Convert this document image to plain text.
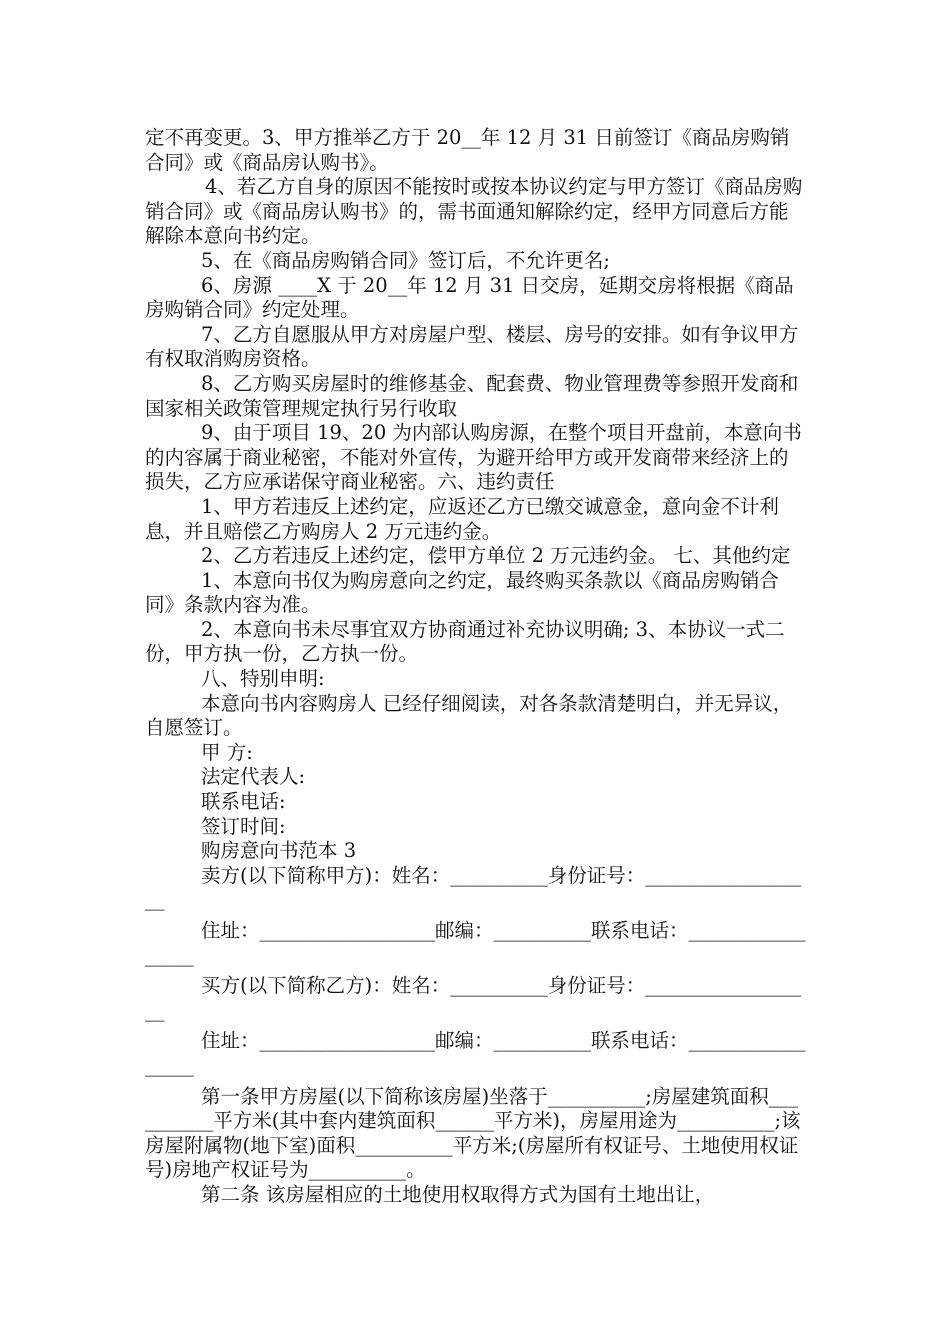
定不再变更。3、甲方推举乙方于 20__年 12 月 31 日前签订《商品房购销合同》或《商品房认购书》。

4、若乙方自身的原因不能按时或按本协议约定与甲方签订《商品房购销合同》或《商品房认购书》的，需书面通知解除约定，经甲方同意后方能解除本意向书约定。

5、在《商品房购销合同》签订后，不允许更名;

6、房源 ____X 于 20__年 12 月 31 日交房，延期交房将根据《商品房购销合同》约定处理。

7、乙方自愿服从甲方对房屋户型、楼层、房号的安排。如有争议甲方有权取消购房资格。

8、乙方购买房屋时的维修基金、配套费、物业管理费等参照开发商和国家相关政策管理规定执行另行收取

9、由于项目 19、20 为内部认购房源，在整个项目开盘前，本意向书的内容属于商业秘密，不能对外宣传，为避开给甲方或开发商带来经济上的损失，乙方应承诺保守商业秘密。六、违约责任

1、甲方若违反上述约定，应返还乙方已缴交诚意金，意向金不计利息，并且赔偿乙方购房人 2 万元违约金。

2、乙方若违反上述约定，偿甲方单位 2 万元违约金。 七、其他约定

1、本意向书仅为购房意向之约定，最终购买条款以《商品房购销合同》条款内容为准。

2、本意向书未尽事宜双方协商通过补充协议明确; 3、本协议一式二份，甲方执一份，乙方执一份。

八、特别申明:

本意向书内容购房人 已经仔细阅读，对各条款清楚明白，并无异议，自愿签订。

甲 方:

法定代表人:

联系电话:

签订时间:

购房意向书范本 3

卖方(以下简称甲方)：姓名：__________身份证号：__________________

住址：__________________邮编：__________联系电话：_________________

买方(以下简称乙方)：姓名：__________身份证号：__________________

住址：__________________邮编：__________联系电话：_________________

第一条甲方房屋(以下简称该房屋)坐落于__________;房屋建筑面积__________平方米(其中套内建筑面积______平方米)，房屋用途为__________;该房屋附属物(地下室)面积__________平方米;(房屋所有权证号、土地使用权证号)房地产权证号为__________。

第二条 该房屋相应的土地使用权取得方式为国有土地出让，
